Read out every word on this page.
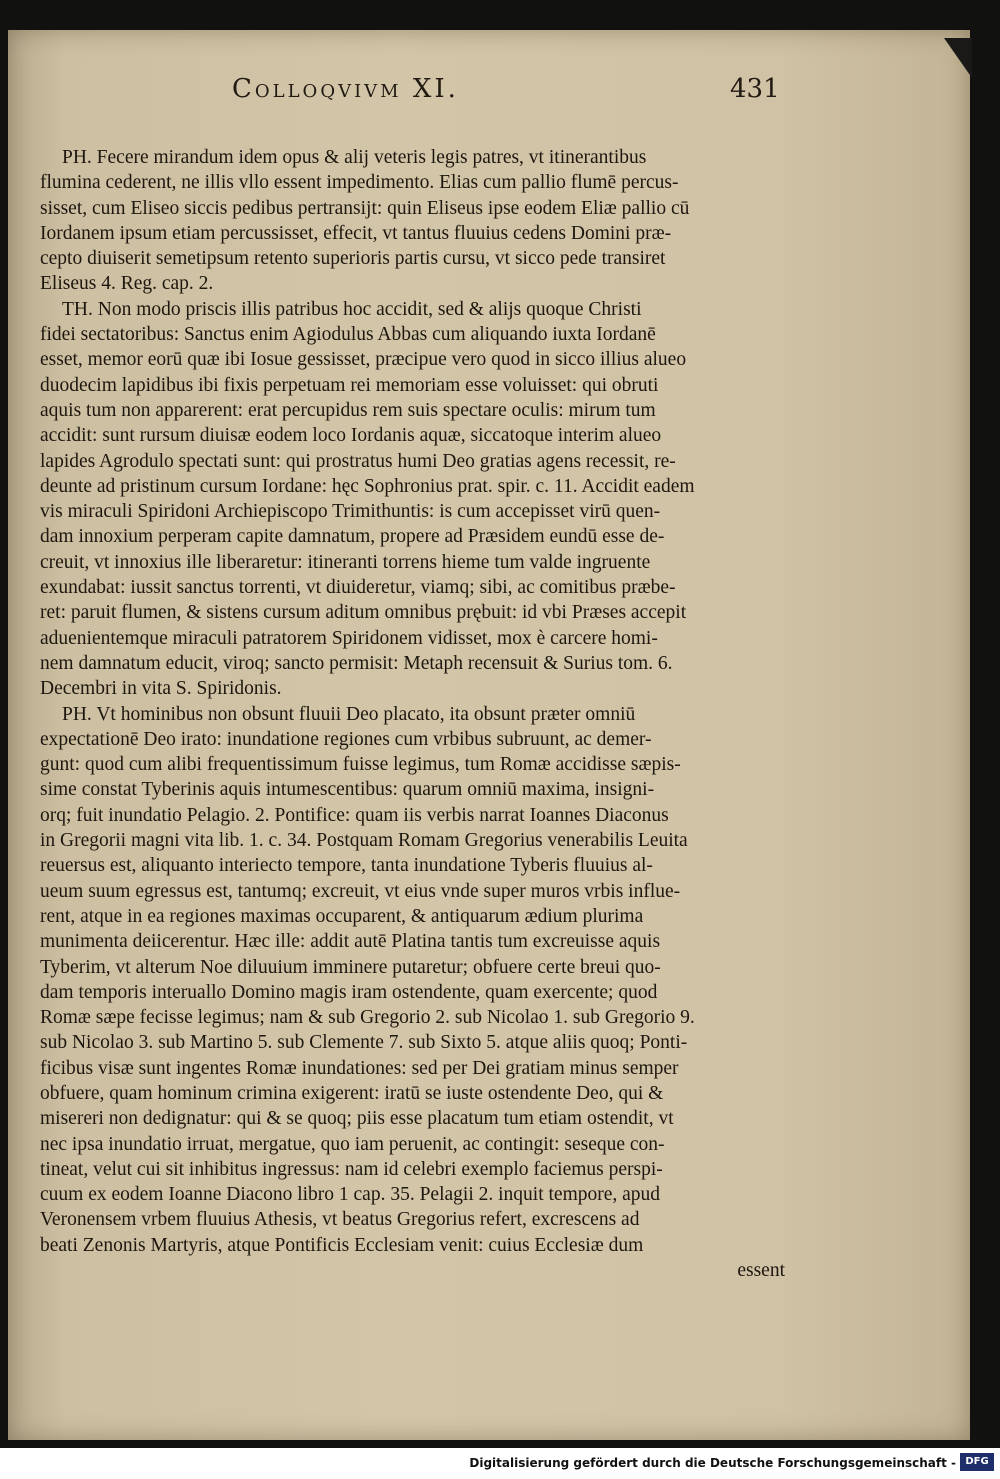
Colloqvivm XI.	431
PH. Fecere mirandum idem opus & alij veteris legis patres, vt itinerantibus
flumina cederent, ne illis vllo essent impedimento. Elias cum pallio flumē percus-
sisset, cum Eliseo siccis pedibus pertransijt: quin Eliseus ipse eodem Eliæ pallio cū
Iordanem ipsum etiam percussisset, effecit, vt tantus fluuius cedens Domini præ-
cepto diuiserit semetipsum retento superioris partis cursu, vt sicco pede transiret
Eliseus 4. Reg. cap. 2.
TH. Non modo priscis illis patribus hoc accidit, sed & alijs quoque Christi
fidei sectatoribus: Sanctus enim Agiodulus Abbas cum aliquando iuxta Iordanē
esset, memor eorū quæ ibi Iosue gessisset, præcipue vero quod in sicco illius alueo
duodecim lapidibus ibi fixis perpetuam rei memoriam esse voluisset: qui obruti
aquis tum non apparerent: erat percupidus rem suis spectare oculis: mirum tum
accidit: sunt rursum diuisæ eodem loco Iordanis aquæ, siccatoque interim alueo
lapides Agrodulo spectati sunt: qui prostratus humi Deo gratias agens recessit, re-
deunte ad pristinum cursum Iordane: hęc Sophronius prat. spir. c. 11. Accidit eadem
vis miraculi Spiridoni Archiepiscopo Trimithuntis: is cum accepisset virū quen-
dam innoxium perperam capite damnatum, propere ad Præsidem eundū esse de-
creuit, vt innoxius ille liberaretur: itineranti torrens hieme tum valde ingruente
exundabat: iussit sanctus torrenti, vt diuideretur, viamq; sibi, ac comitibus præbe-
ret: paruit flumen, & sistens cursum aditum omnibus prębuit: id vbi Præses accepit
aduenientemque miraculi patratorem Spiridonem vidisset, mox è carcere homi-
nem damnatum educit, viroq; sancto permisit: Metaph recensuit & Surius tom. 6.
Decembri in vita S. Spiridonis.
PH. Vt hominibus non obsunt fluuii Deo placato, ita obsunt præter omniū
expectationē Deo irato: inundatione regiones cum vrbibus subruunt, ac demer-
gunt: quod cum alibi frequentissimum fuisse legimus, tum Romæ accidisse sæpis-
sime constat Tyberinis aquis intumescentibus: quarum omniū maxima, insigni-
orq; fuit inundatio Pelagio. 2. Pontifice: quam iis verbis narrat Ioannes Diaconus
in Gregorii magni vita lib. 1. c. 34. Postquam Romam Gregorius venerabilis Leuita
reuersus est, aliquanto interiecto tempore, tanta inundatione Tyberis fluuius al-
ueum suum egressus est, tantumq; excreuit, vt eius vnde super muros vrbis influe-
rent, atque in ea regiones maximas occuparent, & antiquarum ædium plurima
munimenta deiicerentur. Hæc ille: addit autē Platina tantis tum excreuisse aquis
Tyberim, vt alterum Noe diluuium imminere putaretur; obfuere certe breui quo-
dam temporis interuallo Domino magis iram ostendente, quam exercente; quod
Romæ sæpe fecisse legimus; nam & sub Gregorio 2. sub Nicolao 1. sub Gregorio 9.
sub Nicolao 3. sub Martino 5. sub Clemente 7. sub Sixto 5. atque aliis quoq; Ponti-
ficibus visæ sunt ingentes Romæ inundationes: sed per Dei gratiam minus semper
obfuere, quam hominum crimina exigerent: iratū se iuste ostendente Deo, qui &
misereri non dedignatur: qui & se quoq; piis esse placatum tum etiam ostendit, vt
nec ipsa inundatio irruat, mergatue, quo iam peruenit, ac contingit: seseque con-
tineat, velut cui sit inhibitus ingressus: nam id celebri exemplo faciemus perspi-
cuum ex eodem Ioanne Diacono libro 1 cap. 35. Pelagii 2. inquit tempore, apud
Veronensem vrbem fluuius Athesis, vt beatus Gregorius refert, excrescens ad
beati Zenonis Martyris, atque Pontificis Ecclesiam venit: cuius Ecclesiæ dum
essent
Digitalisierung gefördert durch die Deutsche Forschungsgemeinschaft - DFG
